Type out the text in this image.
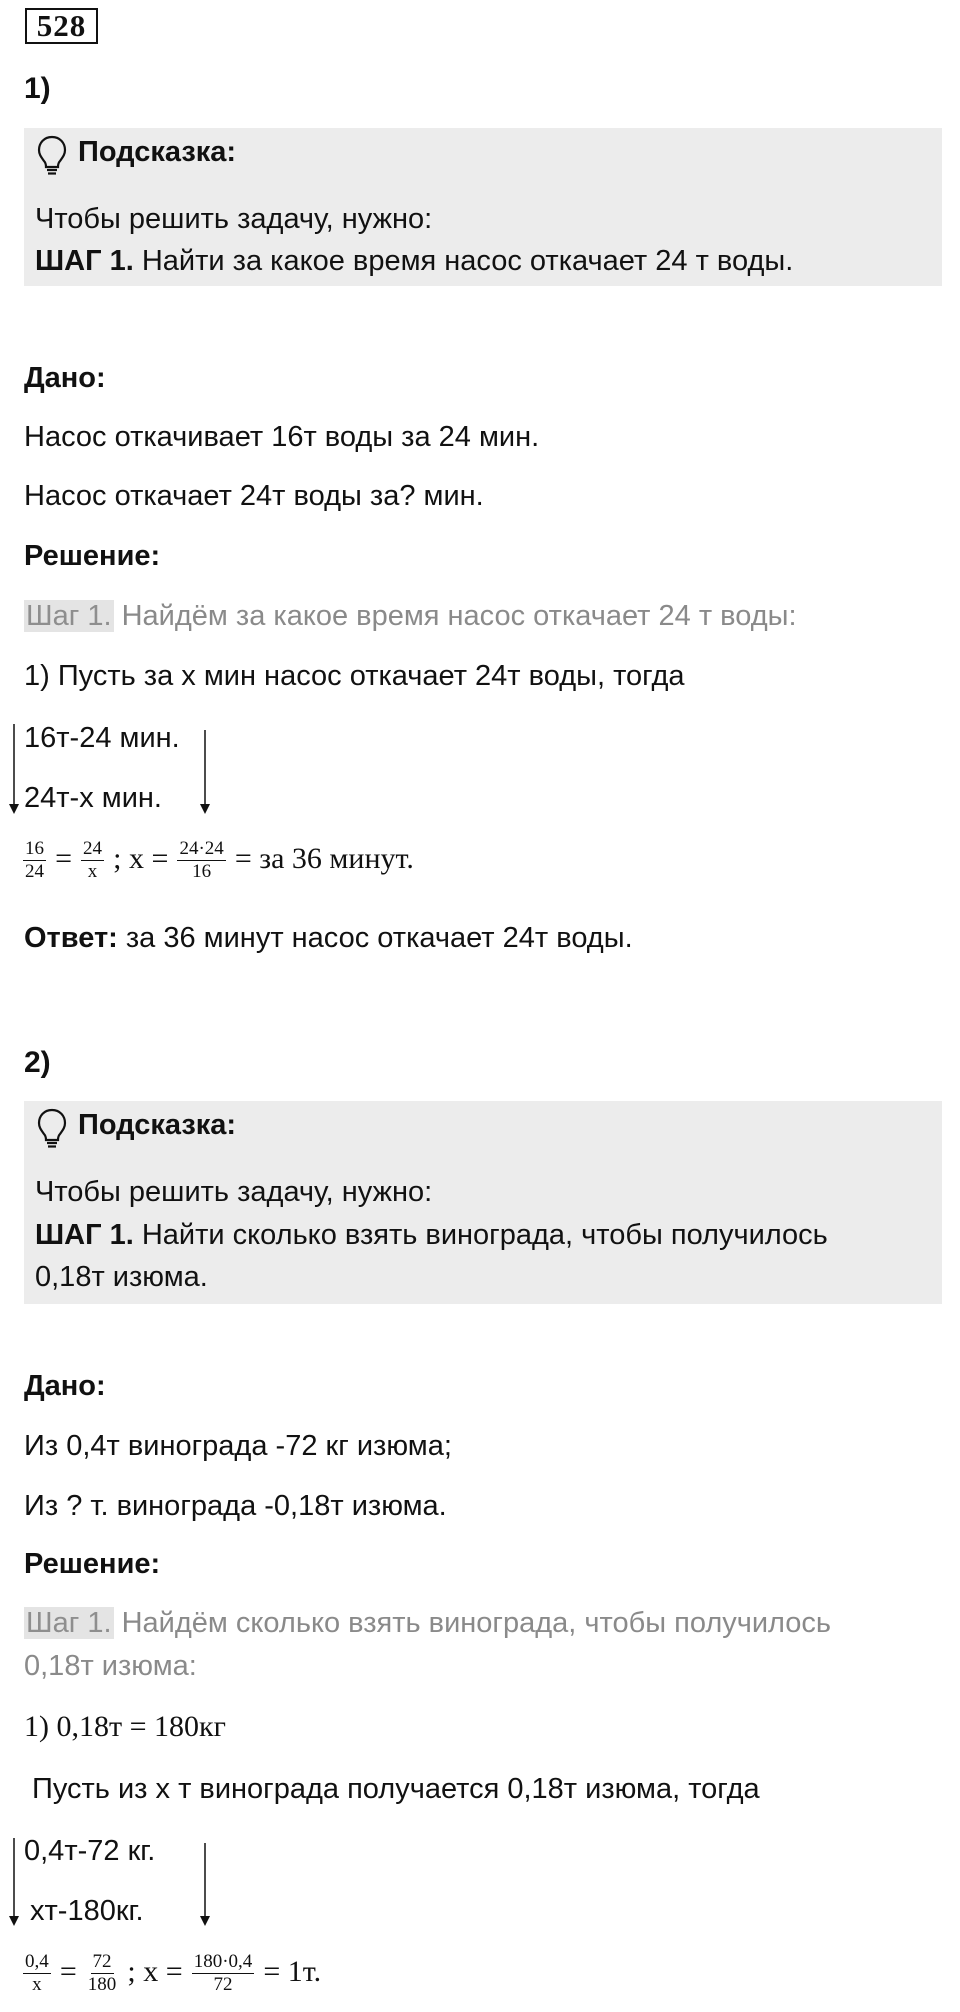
528
1)
Подсказка:
Чтобы решить задачу, нужно:
ШАГ 1. Найти за какое время насос откачает 24 т воды.
Дано:
Насос откачивает 16т воды за 24 мин.
Насос откачает 24т воды за? мин.
Решение:
Шаг 1. Найдём за какое время насос откачает 24 т воды:
1) Пусть за x мин насос откачает 24т воды, тогда
16т-24 мин.
24т-x мин.
$\frac{16}{24} = \frac{24}{x}$ ; $x = \frac{24\cdot 24}{16}$ = за 36 минут.
Ответ: за 36 минут насос откачает 24т воды.
2)
Подсказка:
Чтобы решить задачу, нужно:
ШАГ 1. Найти сколько взять винограда, чтобы получилось
0,18т изюма.
Дано:
Из 0,4т винограда -72 кг изюма;
Из ? т. винограда -0,18т изюма.
Решение:
Шаг 1. Найдём сколько взять винограда, чтобы получилось
0,18т изюма:
1) 0,18т = 180кг
Пусть из x т винограда получается 0,18т изюма, тогда
0,4т-72 кг.
xт-180кг.
$\frac{0,4}{x} = \frac{72}{180}$ ; $x = \frac{180\cdot 0,4}{72} = 1т$.
